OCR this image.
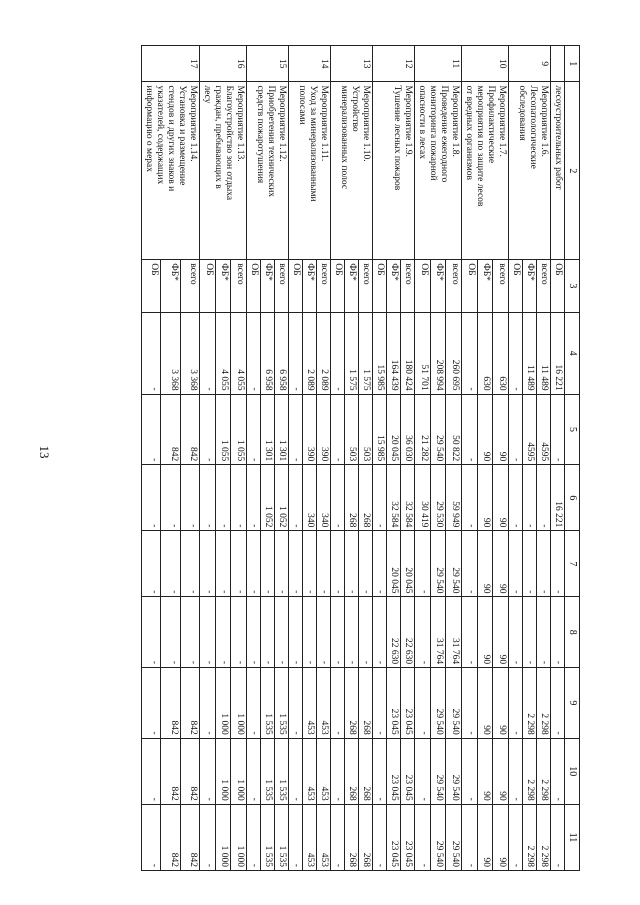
13
1	2	3	4	5	6	7	8	9	10	11

	лесоустроительных работ	ОБ	16 221	-	16 221	-	-	-	-	-
9	Мероприятие 1.6.
Лесопатологические
обследования	всего	11 489	4595	-	-	-	2 298	2 298	2 298
		ФБ*	11 489	4595	-	-	-	2 298	2 298	2 298
		ОБ	-	-	-	-	-	-	-	-
10	Мероприятие 1.7.
Профилактические
мероприятия по защите лесов
от вредных организмов	всего	630	90	90	90	90	90	90	90
		ФБ*	630	90	90	90	90	90	90	90
		ОБ	-	-	-	-	-	-	-	-
11	Мероприятие 1.8.
Проведение ежегодного
мониторинга пожарной
опасности в лесах	всего	260 695	50 822	59 949	29 540	31 764	29 540	29 540	29 540
		ФБ*	208 994	29 540	29 530	29 540	31 764	29 540	29 540	29 540
		ОБ	51 701	21 282	30 419	-	-	-	-	-
12	Мероприятие 1.9.
Тушение лесных пожаров	всего	180 424	36 030	32 584	20 045	22 630	23 045	23 045	23 045
		ФБ*	164 439	20 045	32 584	20 045	22 630	23 045	23 045	23 045
		ОБ	15 985	15 985	-	-	-	-	-	-
13	Мероприятие 1.10.
Устройство
минерализованных полос	всего	1 575	503	268	-	-	268	268	268
		ФБ*	1 575	503	268	-	-	268	268	268
		ОБ	-	-	-	-	-	-	-	-
14	Мероприятие 1.11.
Уход за минерализованными
полосами	всего	2 089	390	340	-	-	453	453	453
		ФБ*	2 089	390	340	-	-	453	453	453
		ОБ	-	-	-	-	-	-	-	-
15	Мероприятие 1.12.
Приобретения технических
средств пожаротушения	всего	6 958	1 301	1 052	-	-	1 535	1 535	1 535
		ФБ*	6 958	1 301	1 052	-	-	1 535	1 535	1 535
		ОБ	-	-	-	-	-	-	-	-
16	Мероприятие 1.13.
Благоустройство зон отдыха
граждан, пребывающих в
лесу	всего	4 055	1 055	-	-	-	1 000	1 000	1 000
		ФБ*	4 055	1 055	-	-	-	1 000	1 000	1 000
		ОБ	-	-	-	-	-	-	-	-
17	Мероприятие 1.14.
Установка и размещение
стендов и других знаков и
указателей, содержащих
информацию о мерах	всего	3 368	842	-	-	-	842	842	842
		ФБ*	3 368	842	-	-	-	842	842	842
		ОБ	-	-	-	-	-	-	-	-
